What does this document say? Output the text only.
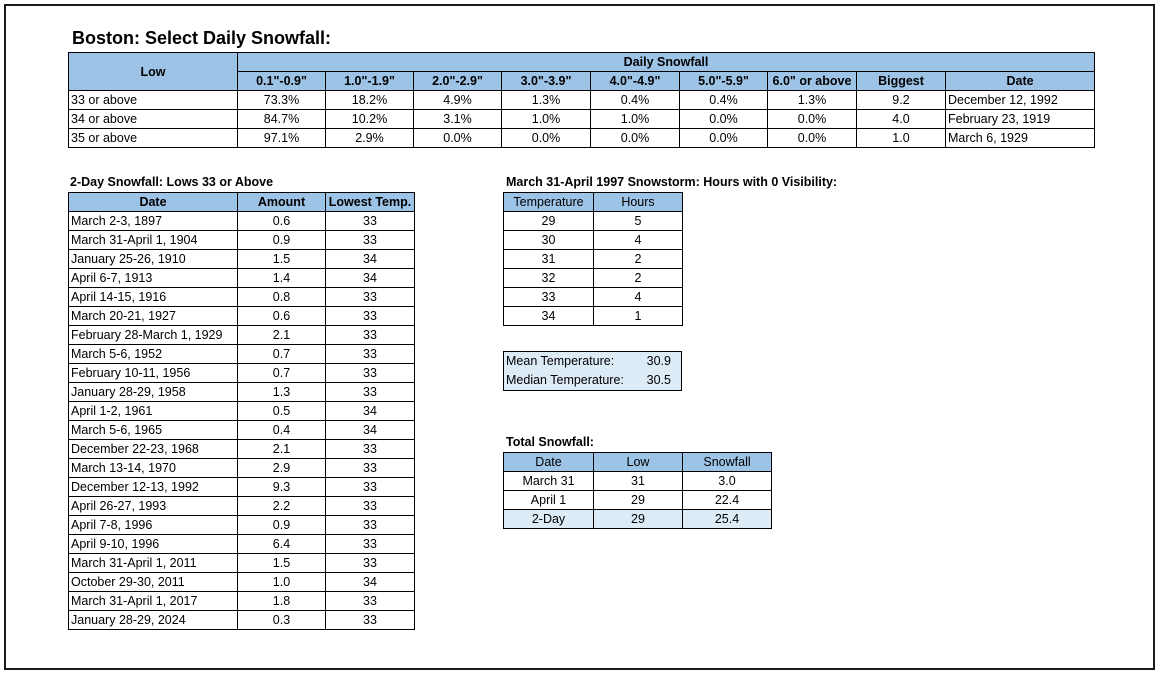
Boston: Select Daily Snowfall:
Low	Daily Snowfall								
	0.1"-0.9"	1.0"-1.9"	2.0"-2.9"	3.0"-3.9"	4.0"-4.9"	5.0"-5.9"	6.0" or above	Biggest	Date
33 or above	73.3%	18.2%	4.9%	1.3%	0.4%	0.4%	1.3%	9.2	December 12, 1992
34 or above	84.7%	10.2%	3.1%	1.0%	1.0%	0.0%	0.0%	4.0	February 23, 1919
35 or above	97.1%	2.9%	0.0%	0.0%	0.0%	0.0%	0.0%	1.0	March 6, 1929
2-Day Snowfall: Lows 33 or Above
Date	Amount	Lowest Temp.
March 2-3, 1897	0.6	33
March 31-April 1, 1904	0.9	33
January 25-26, 1910	1.5	34
April 6-7, 1913	1.4	34
April 14-15, 1916	0.8	33
March 20-21, 1927	0.6	33
February 28-March 1, 1929	2.1	33
March 5-6, 1952	0.7	33
February 10-11, 1956	0.7	33
January 28-29, 1958	1.3	33
April 1-2, 1961	0.5	34
March 5-6, 1965	0.4	34
December 22-23, 1968	2.1	33
March 13-14, 1970	2.9	33
December 12-13, 1992	9.3	33
April 26-27, 1993	2.2	33
April 7-8, 1996	0.9	33
April 9-10, 1996	6.4	33
March 31-April 1, 2011	1.5	33
October 29-30, 2011	1.0	34
March 31-April 1, 2017	1.8	33
January 28-29, 2024	0.3	33
March 31-April 1997 Snowstorm: Hours with 0 Visibility:
Temperature	Hours
29	5
30	4
31	2
32	2
33	4
34	1
Mean Temperature:	30.9
Median Temperature: 30.5
Total Snowfall:
Date	Low	Snowfall
March 31	31	3.0
April 1	29	22.4
2-Day	29	25.4
